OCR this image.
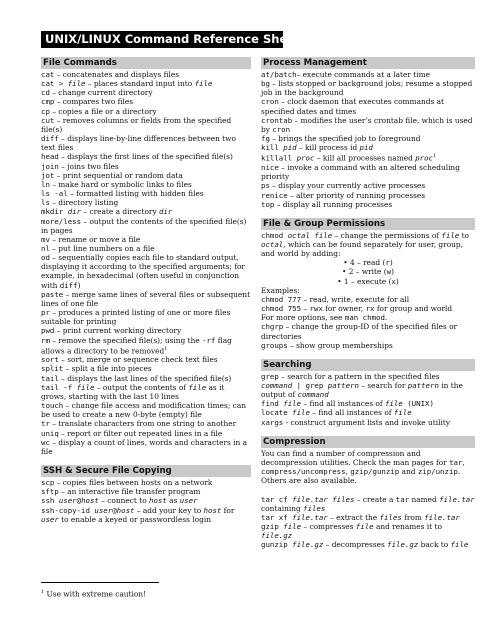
UNIX/LINUX Command Reference Sheet
File Commands
cat – concatenates and displays files
cat > file – places standard input into file
cd – change current directory
cmp – compares two files
cp – copies a file or a directory
cut – removes columns or fields from the specified file(s)
diff – displays line-by-line differences between two text files
head – displays the first lines of the specified file(s)
join – joins two files
jot – print sequential or random data
ln – make hard or symbolic links to files
ls -al – formatted listing with hidden files
ls – directory listing
mkdir dir – create a directory dir
more/less – output the contents of the specified file(s) in pages
mv – rename or move a file
nl – put line numbers on a file
od – sequentially copies each file to standard output, displaying it according to the specified arguments; for example, in hexadecimal (often useful in conjunction with diff)
paste – merge same lines of several files or subsequent lines of one file
pr – produces a printed listing of one or more files suitable for printing
pwd – print current working directory
rm – remove the specified file(s); using the -rf flag allows a directory to be removed$^1$
sort – sort, merge or sequence check text files
split – split a file into pieces
tail – displays the last lines of the specified file(s)
tail -f file – output the contents of file as it grows, starting with the last 10 lines
touch – change file access and modification times; can be used to create a new 0-byte (empty) file
tr – translate characters from one string to another
uniq – report or filter out repeated lines in a file
wc – display a count of lines, words and characters in a file
SSH & Secure File Copying
scp – copies files between hosts on a network
sftp – an interactive file transfer program
ssh user@host – connect to host as user
ssh-copy-id user@host – add your key to host for user to enable a keyed or passwordless login
Process Management
at/batch– execute commands at a later time
bg – lists stopped or background jobs; resume a stopped job in the background
cron – clock daemon that executes commands at specified dates and times
crontab – modifies the user’s crontab file, which is used by cron
fg – brings the specified job to foreground
kill pid – kill process id pid
killall proc – kill all processes named proc$^1$
nice – invoke a command with an altered scheduling priority
ps – display your currently active processes
renice – alter priority of running processes
top – display all running processes
File & Group Permissions
chmod octal file – change the permissions of file to octal, which can be found separately for user, group, and world by adding:
• 4 – read (r)
• 2 – write (w)
• 1 – execute (x)
Examples:
chmod 777 – read, write, execute for all
chmod 755 – rwx for owner, rx for group and world
For more options, see man chmod.
chgrp – change the group-ID of the specified files or directories
groups – show group memberships
Searching
grep – search for a pattern in the specified files
command | grep pattern – search for pattern in the output of command
find file – find all instances of file (UNIX)
locate file – find all instances of file
xargs - construct argument lists and invoke utility
Compression
You can find a number of compression and decompression utilities. Check the man pages for tar, compress/uncompress, gzip/gunzip and zip/unzip. Others are also available.

tar cf file.tar files – create a tar named file.tar containing files
tar xf file.tar – extract the files from file.tar
gzip file – compresses file and renames it to file.gz
gunzip file.gz – decompresses file.gz back to file
$^1$ Use with extreme caution!
